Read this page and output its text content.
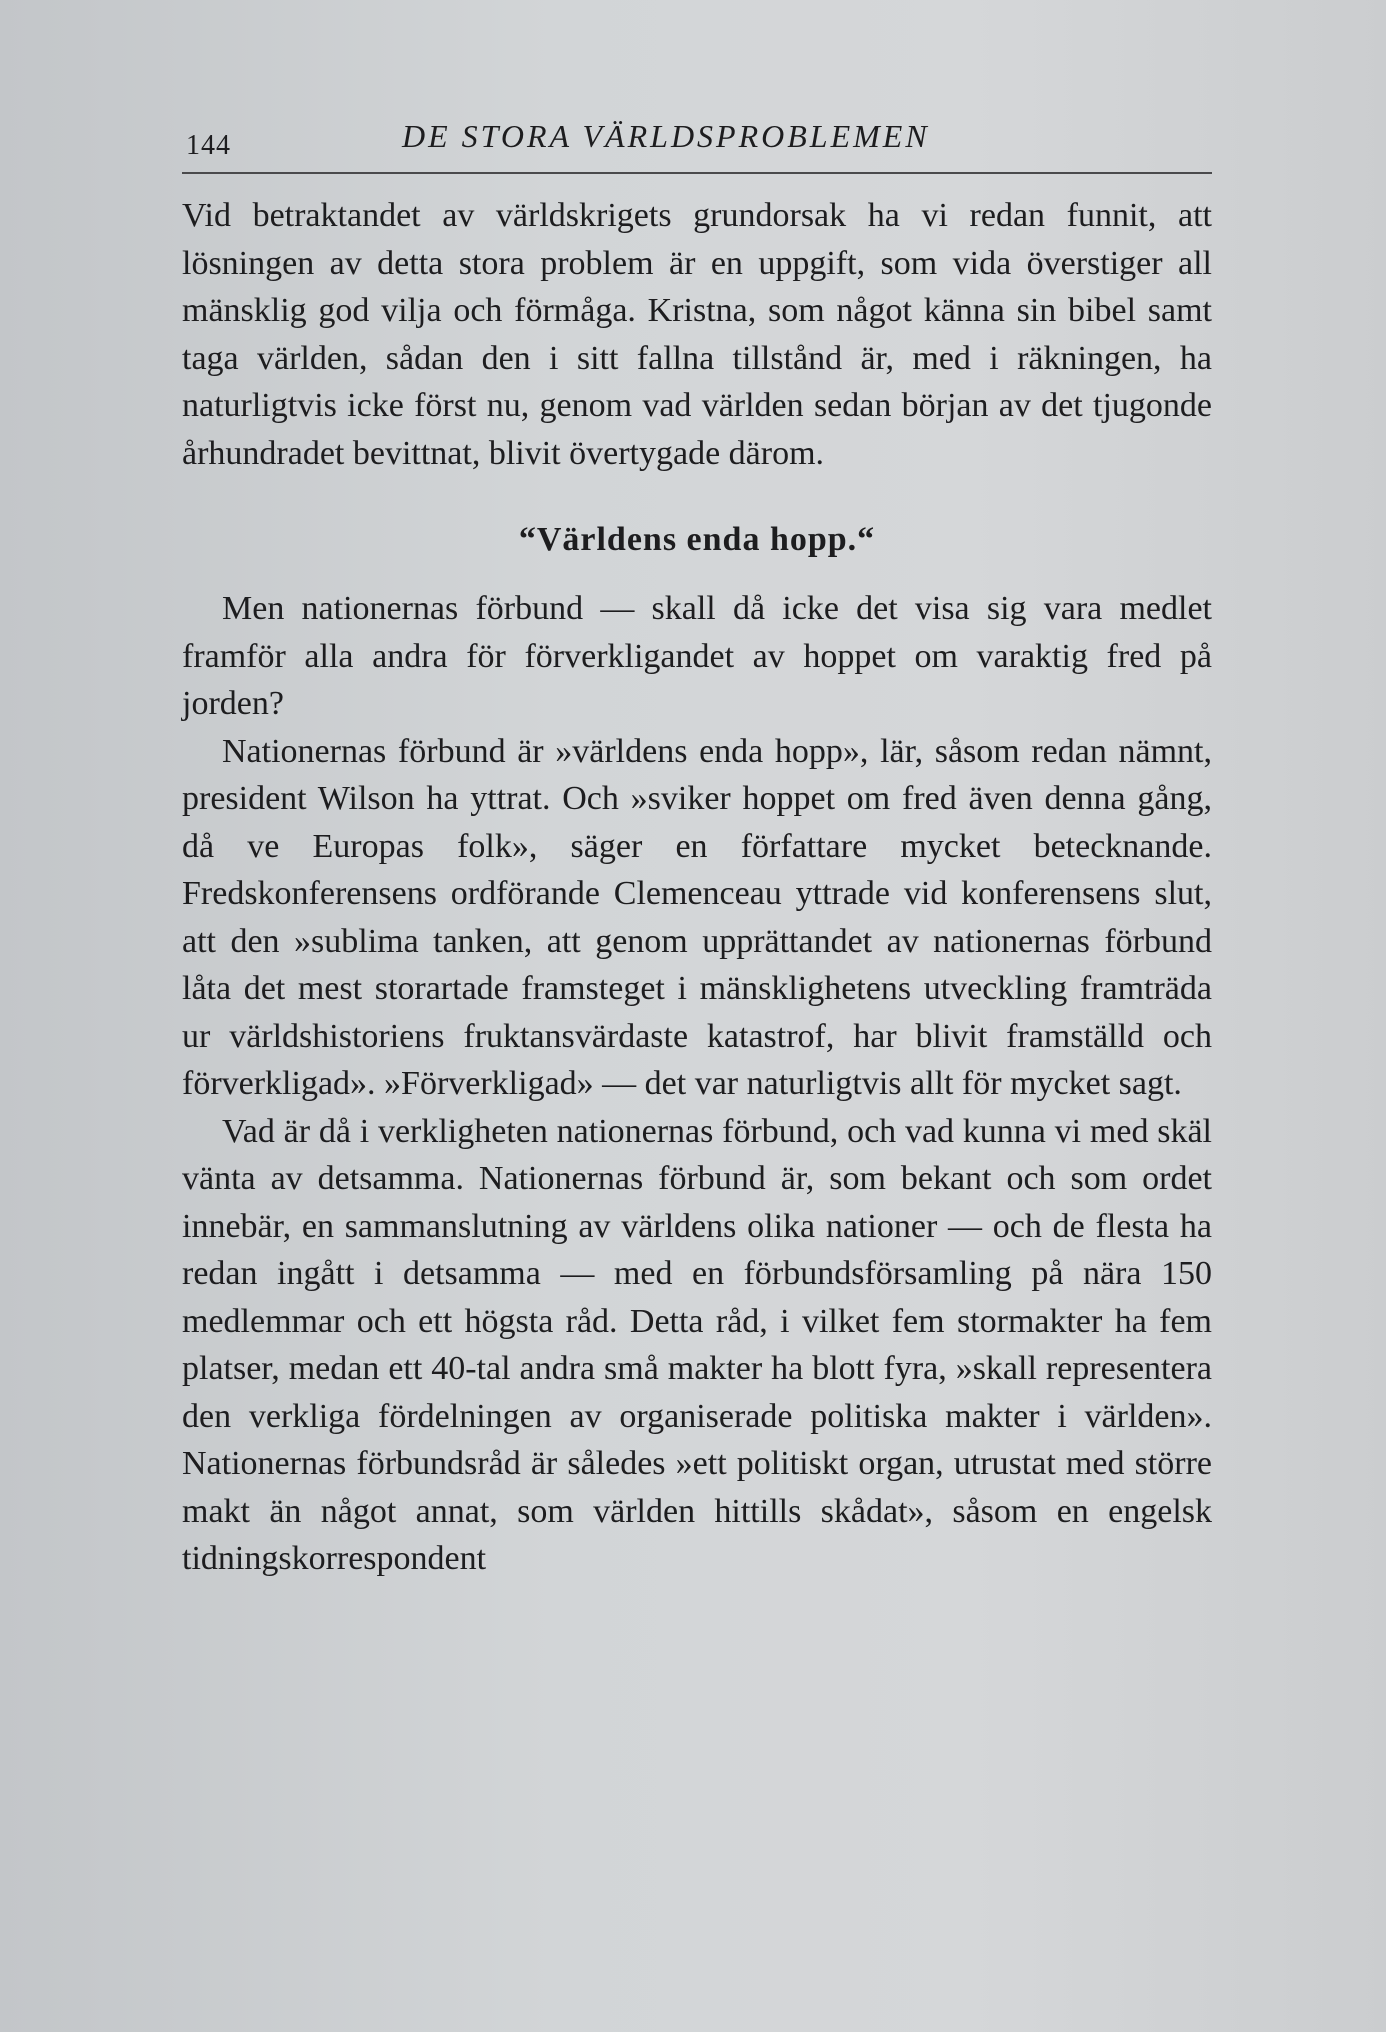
144	DE STORA VÄRLDSPROBLEMEN

Vid betraktandet av världskrigets grundorsak ha vi redan funnit, att lösningen av detta stora problem är en uppgift, som vida överstiger all mänsklig god vilja och förmåga. Kristna, som något känna sin bibel samt taga världen, sådan den i sitt fallna tillstånd är, med i räkningen, ha naturligtvis icke först nu, genom vad världen sedan början av det tjugonde århundradet bevittnat, blivit övertygade därom.

“Världens enda hopp.“

Men nationernas förbund — skall då icke det visa sig vara medlet framför alla andra för förverkligandet av hoppet om varaktig fred på jorden?

Nationernas förbund är »världens enda hopp», lär, såsom redan nämnt, president Wilson ha yttrat. Och »sviker hoppet om fred även denna gång, då ve Europas folk», säger en författare mycket betecknande. Fredskonferensens ordförande Clemenceau yttrade vid konferensens slut, att den »sublima tanken, att genom upprättandet av nationernas förbund låta det mest storartade framsteget i mänsklighetens utveckling framträda ur världshistoriens fruktansvärdaste katastrof, har blivit framställd och förverkligad». »Förverkligad» — det var naturligtvis allt för mycket sagt.

Vad är då i verkligheten nationernas förbund, och vad kunna vi med skäl vänta av detsamma. Nationernas förbund är, som bekant och som ordet innebär, en sammanslutning av världens olika nationer — och de flesta ha redan ingått i detsamma — med en förbundsförsamling på nära 150 medlemmar och ett högsta råd. Detta råd, i vilket fem stormakter ha fem platser, medan ett 40-tal andra små makter ha blott fyra, »skall representera den verkliga fördelningen av organiserade politiska makter i världen». Nationernas förbundsråd är således »ett politiskt organ, utrustat med större makt än något annat, som världen hittills skådat», såsom en engelsk tidningskorrespondent
